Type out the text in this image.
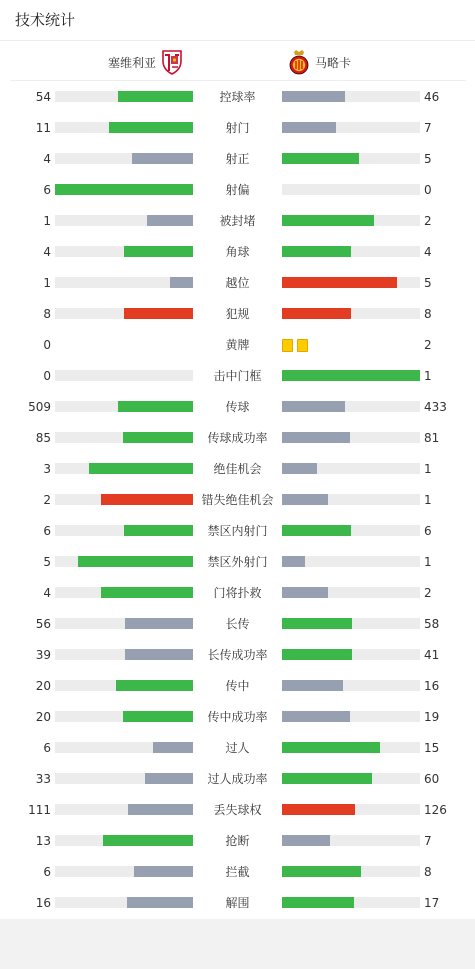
技术统计
塞维利亚	马略卡
54	控球率	46
11	射门	7
4	射正	5
6	射偏	0
1	被封堵	2
4	角球	4
1	越位	5
8	犯规	8
0	黄牌	2
0	击中门框	1
509	传球	433
85	传球成功率	81
3	绝佳机会	1
2	错失绝佳机会	1
6	禁区内射门	6
5	禁区外射门	1
4	门将扑救	2
56	长传	58
39	长传成功率	41
20	传中	16
20	传中成功率	19
6	过人	15
33	过人成功率	60
111	丢失球权	126
13	抢断	7
6	拦截	8
16	解围	17
